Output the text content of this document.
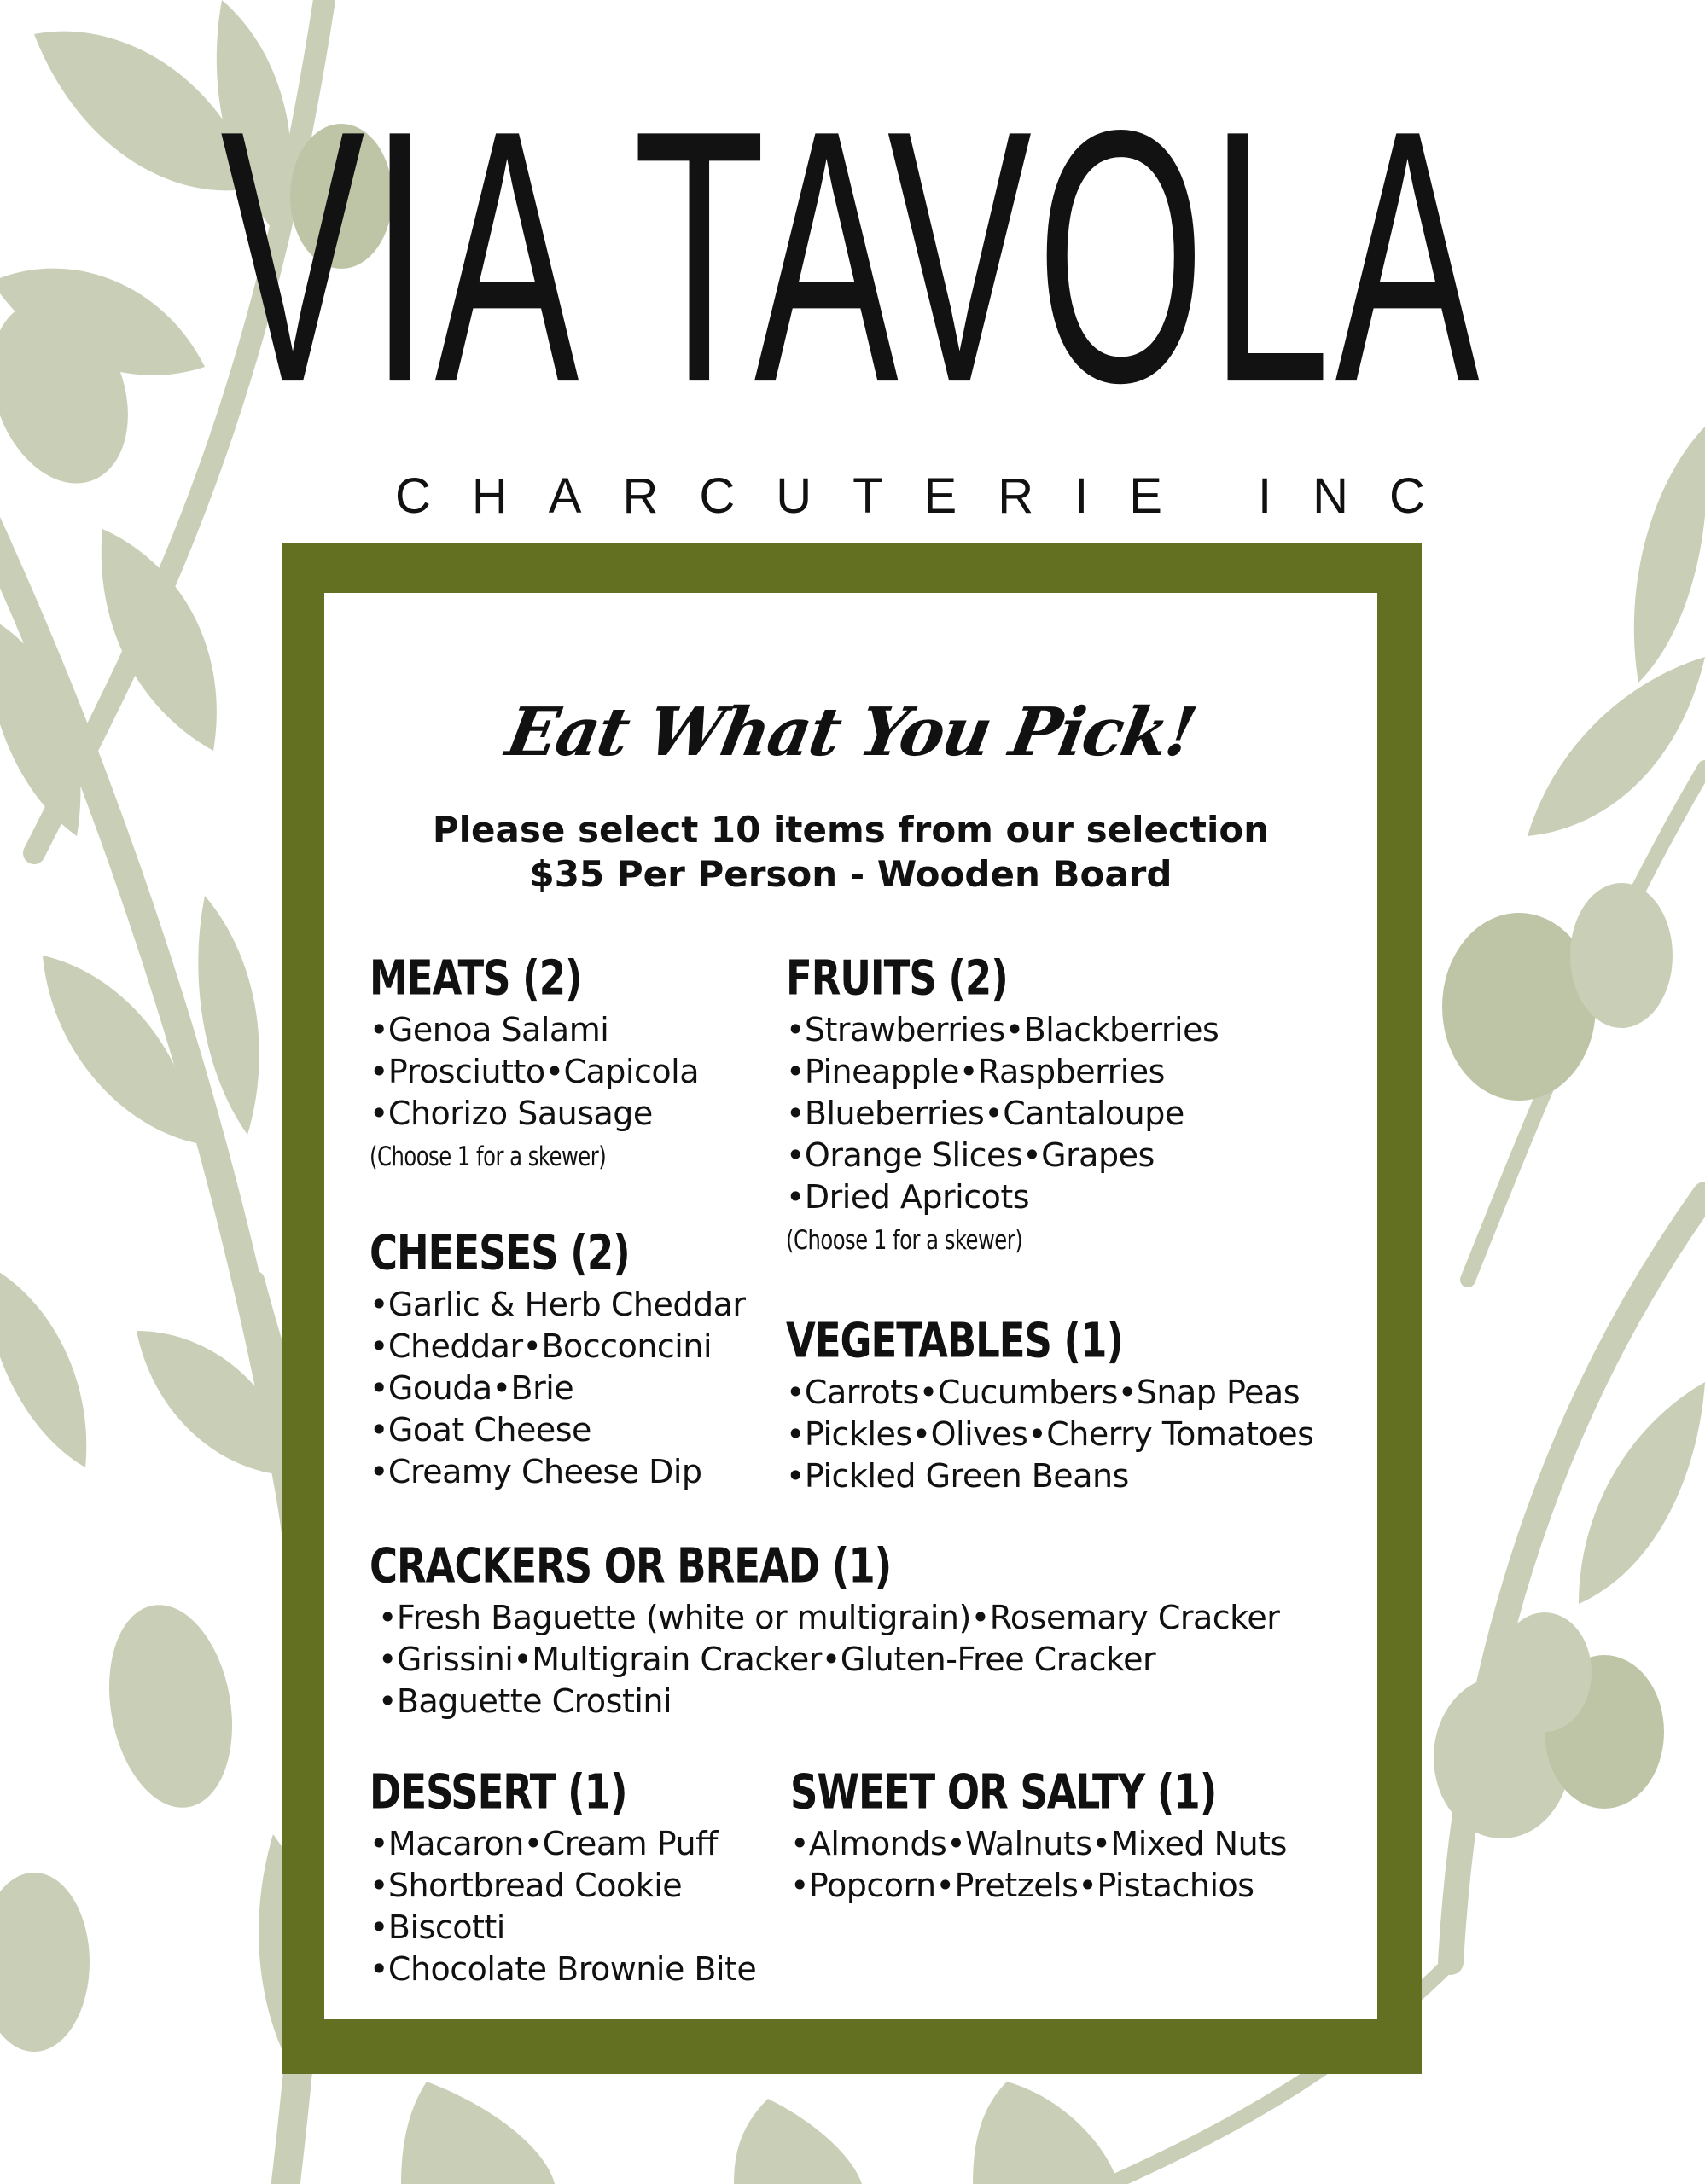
VIA TAVOLA
CHARCUTERIE INC
Eat What You Pick!
Please select 10 items from our selection
$35 Per Person - Wooden Board
MEATS (2)
•Genoa Salami
•Prosciutto•Capicola
•Chorizo Sausage
(Choose 1 for a skewer)
FRUITS (2)
•Strawberries•Blackberries
•Pineapple•Raspberries
•Blueberries•Cantaloupe
•Orange Slices•Grapes
•Dried Apricots
(Choose 1 for a skewer)
CHEESES (2)
•Garlic & Herb Cheddar
•Cheddar•Bocconcini
•Gouda•Brie
•Goat Cheese
•Creamy Cheese Dip
VEGETABLES (1)
•Carrots•Cucumbers•Snap Peas
•Pickles•Olives•Cherry Tomatoes
•Pickled Green Beans
CRACKERS OR BREAD (1)
•Fresh Baguette (white or multigrain)•Rosemary Cracker
•Grissini•Multigrain Cracker•Gluten-Free Cracker
•Baguette Crostini
DESSERT (1)
•Macaron•Cream Puff
•Shortbread Cookie
•Biscotti
•Chocolate Brownie Bite
SWEET OR SALTY (1)
•Almonds•Walnuts•Mixed Nuts
•Popcorn•Pretzels•Pistachios
